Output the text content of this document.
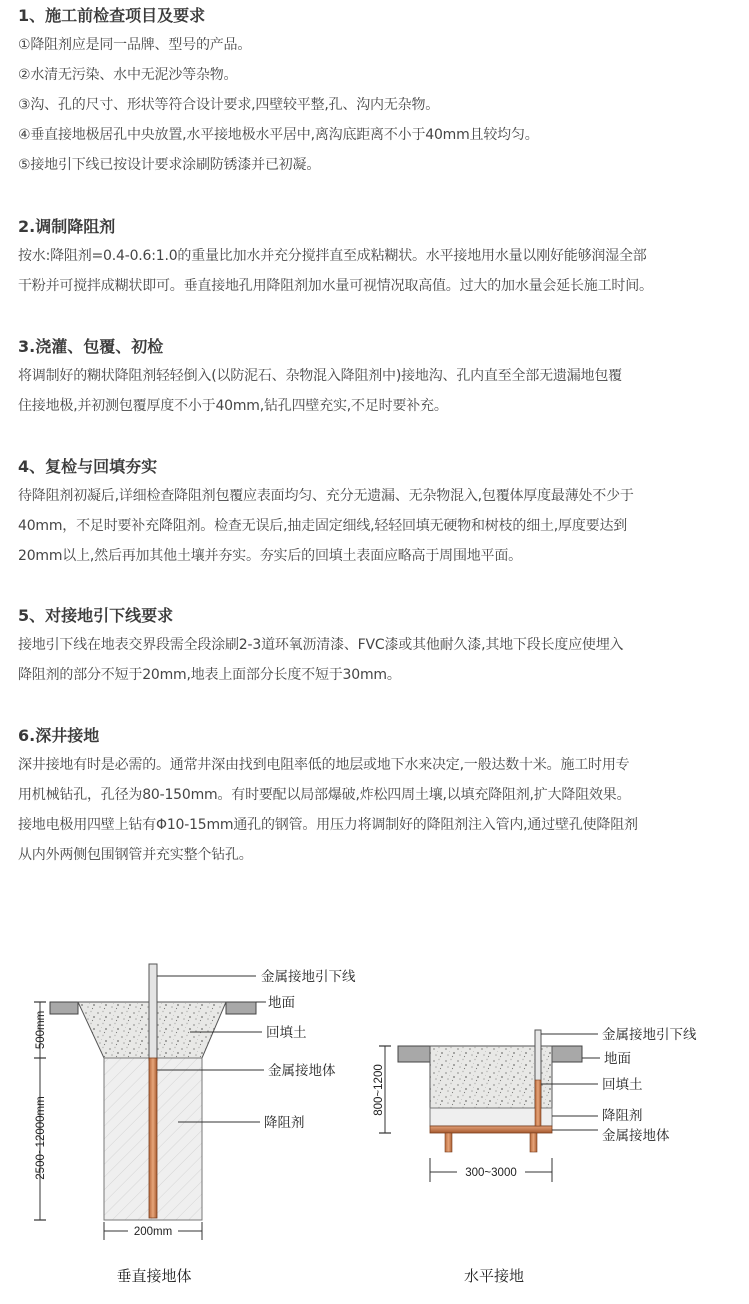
1、施工前检查项目及要求
①降阻剂应是同一品牌、型号的产品。
②水清无污染、水中无泥沙等杂物。
③沟、孔的尺寸、形状等符合设计要求,四壁较平整,孔、沟内无杂物。
④垂直接地极居孔中央放置,水平接地极水平居中,离沟底距离不小于40mm且较均匀。
⑤接地引下线已按设计要求涂刷防锈漆并已初凝。
2.调制降阻剂
按水:降阻剂=0.4-0.6:1.0的重量比加水并充分搅拌直至成粘糊状。水平接地用水量以刚好能够润湿全部
干粉并可搅拌成糊状即可。垂直接地孔用降阻剂加水量可视情况取高值。过大的加水量会延长施工时间。
3.浇灌、包覆、初检
将调制好的糊状降阻剂轻轻倒入(以防泥石、杂物混入降阻剂中)接地沟、孔内直至全部无遗漏地包覆
住接地极,并初测包覆厚度不小于40mm,钻孔四壁充实,不足时要补充。
4、复检与回填夯实
待降阻剂初凝后,详细检查降阻剂包覆应表面均匀、充分无遗漏、无杂物混入,包覆体厚度最薄处不少于
40mm，不足时要补充降阻剂。检查无误后,抽走固定细线,轻轻回填无硬物和树枝的细土,厚度要达到
20mm以上,然后再加其他土壤并夯实。夯实后的回填土表面应略高于周围地平面。
5、对接地引下线要求
接地引下线在地表交界段需全段涂刷2-3道环氧沥清漆、FVC漆或其他耐久漆,其地下段长度应使埋入
降阻剂的部分不短于20mm,地表上面部分长度不短于30mm。
6.深井接地
深井接地有时是必需的。通常井深由找到电阻率低的地层或地下水来决定,一般达数十米。施工时用专
用机械钻孔，孔径为80-150mm。有时要配以局部爆破,炸松四周土壤,以填充降阻剂,扩大降阻效果。
接地电极用四壁上钻有Φ10-15mm通孔的钢管。用压力将调制好的降阻剂注入管内,通过壁孔使降阻剂
从内外两侧包围钢管并充实整个钻孔。
金属接地引下线
地面
回填土
金属接地体
降阻剂
500mm
2500~12000mm
200mm
垂直接地体
金属接地引下线
地面
回填土
降阻剂
金属接地体
800~1200
300~3000
水平接地
